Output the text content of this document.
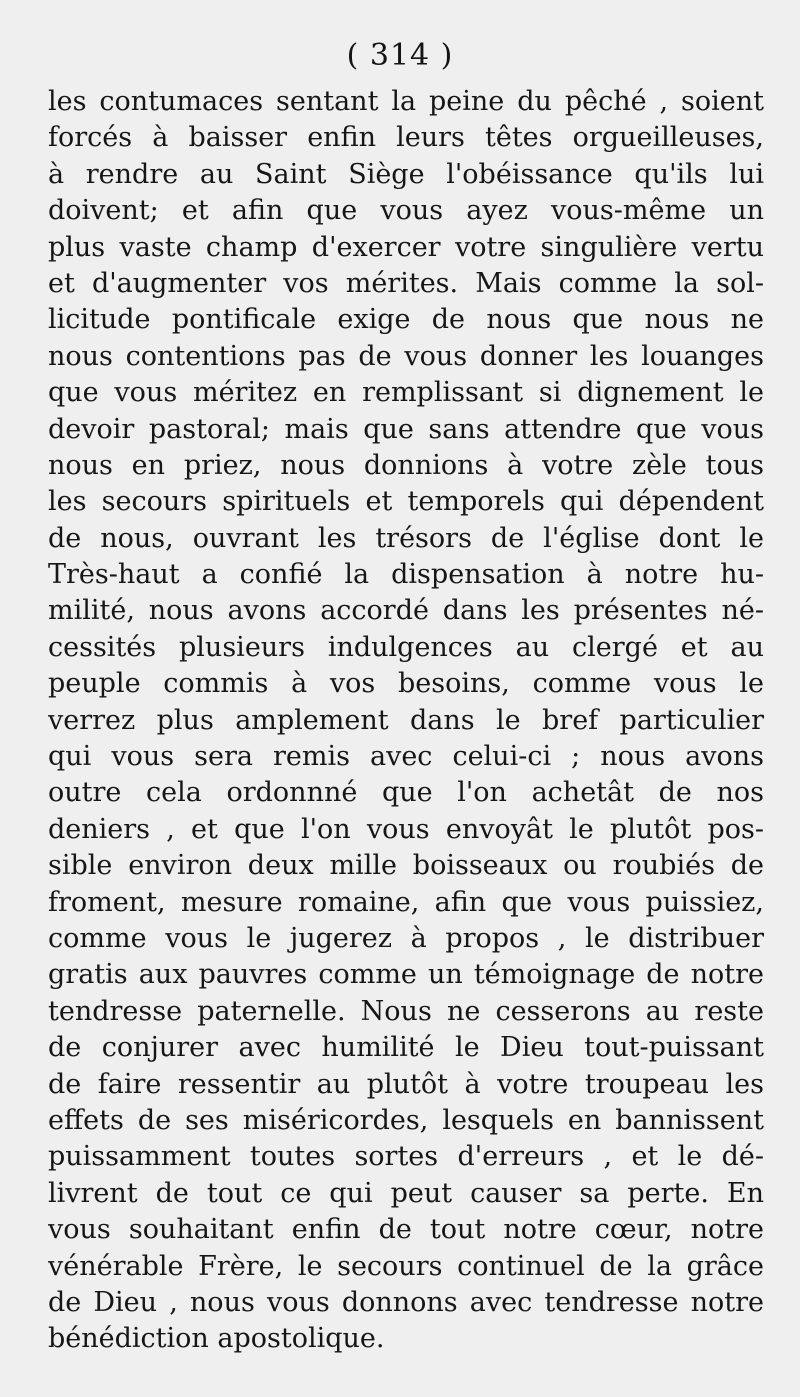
( 314 )
les contumaces sentant la peine du pêché , soient
forcés à baisser enfin leurs têtes orgueilleuses,
à rendre au Saint Siège l'obéissance qu'ils lui
doivent; et afin que vous ayez vous-même un
plus vaste champ d'exercer votre singulière vertu
et d'augmenter vos mérites. Mais comme la sol-
licitude pontificale exige de nous que nous ne
nous contentions pas de vous donner les louanges
que vous méritez en remplissant si dignement le
devoir pastoral; mais que sans attendre que vous
nous en priez, nous donnions à votre zèle tous
les secours spirituels et temporels qui dépendent
de nous, ouvrant les trésors de l'église dont le
Très-haut a confié la dispensation à notre hu-
milité, nous avons accordé dans les présentes né-
cessités plusieurs indulgences au clergé et au
peuple commis à vos besoins, comme vous le
verrez plus amplement dans le bref particulier
qui vous sera remis avec celui-ci ; nous avons
outre cela ordonnné que l'on achetât de nos
deniers , et que l'on vous envoyât le plutôt pos-
sible environ deux mille boisseaux ou roubiés de
froment, mesure romaine, afin que vous puissiez,
comme vous le jugerez à propos , le distribuer
gratis aux pauvres comme un témoignage de notre
tendresse paternelle. Nous ne cesserons au reste
de conjurer avec humilité le Dieu tout-puissant
de faire ressentir au plutôt à votre troupeau les
effets de ses miséricordes, lesquels en bannissent
puissamment toutes sortes d'erreurs , et le dé-
livrent de tout ce qui peut causer sa perte. En
vous souhaitant enfin de tout notre cœur, notre
vénérable Frère, le secours continuel de la grâce
de Dieu , nous vous donnons avec tendresse notre
bénédiction apostolique.
